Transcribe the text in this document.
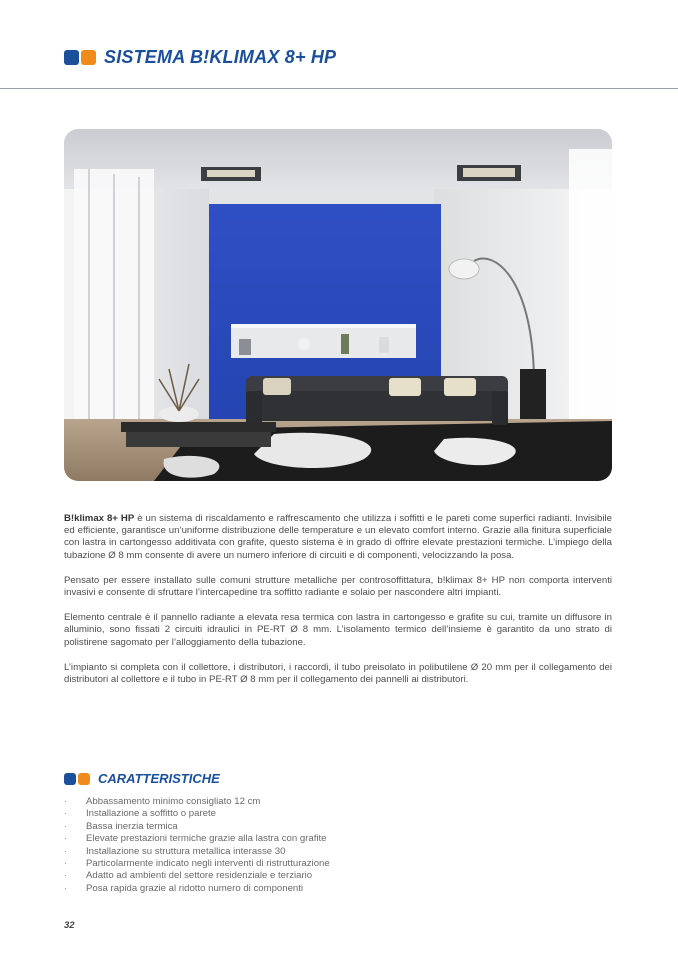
SISTEMA B!KLIMAX 8+ HP

B!klimax 8+ HP è un sistema di riscaldamento e raffrescamento che utilizza i soffitti e le pareti come superfici radianti. Invisibile ed efficiente, garantisce un’uniforme distribuzione delle temperature e un elevato comfort interno. Grazie alla finitura superficiale con lastra in cartongesso additivata con grafite, questo sistema è in grado di offrire elevate prestazioni termiche. L’impiego della tubazione Ø 8 mm consente di avere un numero inferiore di circuiti e di componenti, velocizzando la posa.

Pensato per essere installato sulle comuni strutture metalliche per controsoffittatura, b!klimax 8+ HP non comporta interventi invasivi e consente di sfruttare l’intercapedine tra soffitto radiante e solaio per nascondere altri impianti.

Elemento centrale è il pannello radiante a elevata resa termica con lastra in cartongesso e grafite su cui, tramite un diffusore in alluminio, sono fissati 2 circuiti idraulici in PE-RT Ø 8 mm. L’isolamento termico dell’insieme è garantito da uno strato di polistirene sagomato per l’alloggiamento della tubazione.

L’impianto si completa con il collettore, i distributori, i raccordi, il tubo preisolato in polibutilene Ø 20 mm per il collegamento dei distributori al collettore e il tubo in PE-RT Ø 8 mm per il collegamento dei pannelli ai distributori.

CARATTERISTICHE
· Abbassamento minimo consigliato 12 cm
· Installazione a soffitto o parete
· Bassa inerzia termica
· Elevate prestazioni termiche grazie alla lastra con grafite
· Installazione su struttura metallica interasse 30
· Particolarmente indicato negli interventi di ristrutturazione
· Adatto ad ambienti del settore residenziale e terziario
· Posa rapida grazie al ridotto numero di componenti
32
